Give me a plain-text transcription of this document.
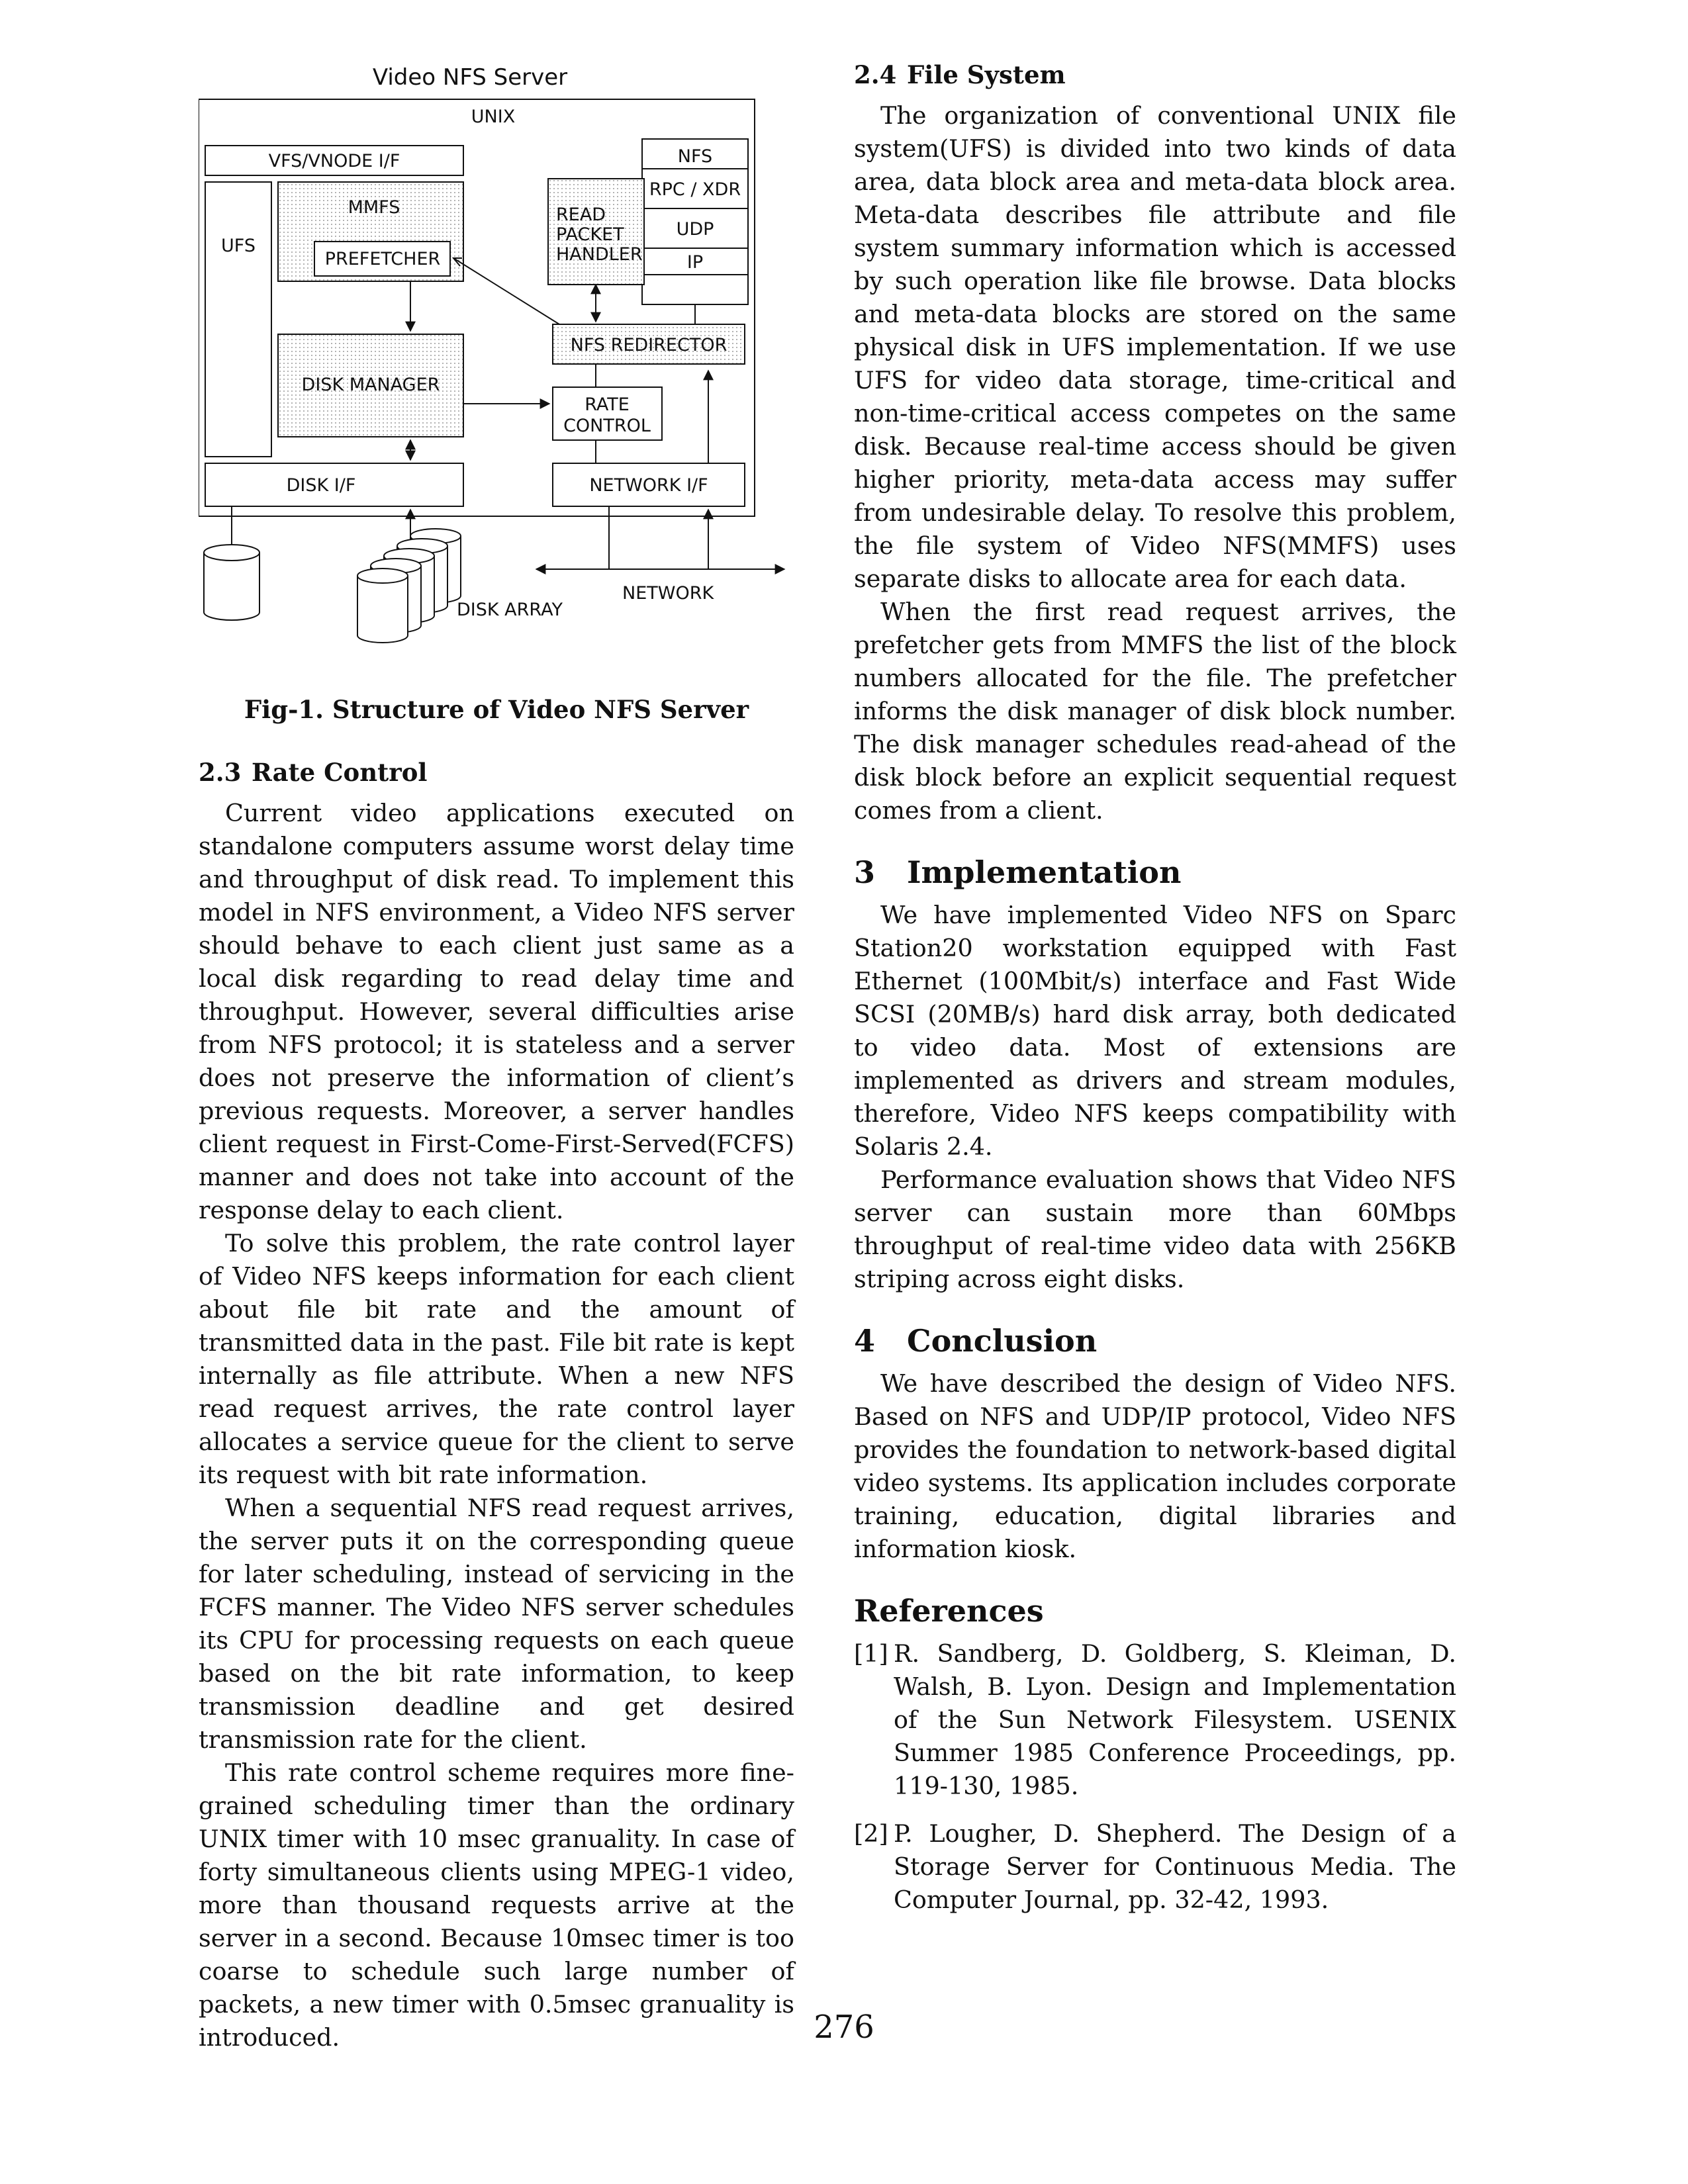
Video NFS Server
UNIX
VFS/VNODE I/F	NFS
RPC / XDR
UDP
IP
UFS
MMFS
PREFETCHER
READ
PACKET
HANDLER
NFS REDIRECTOR
DISK MANAGER
RATE
CONTROL
DISK I/F	NETWORK I/F
DISK ARRAY
NETWORK
Fig-1. Structure of Video NFS Server
2.3 Rate Control

Current video applications executed on standalone computers assume worst delay time and throughput of disk read. To implement this model in NFS environment, a Video NFS server should behave to each client just same as a local disk regarding to read delay time and throughput. However, several difficulties arise from NFS protocol; it is stateless and a server does not preserve the information of client’s previous requests. Moreover, a server handles client request in First-Come-First-Served(FCFS) manner and does not take into account of the response delay to each client.

To solve this problem, the rate control layer of Video NFS keeps information for each client about file bit rate and the amount of transmitted data in the past. File bit rate is kept internally as file attribute. When a new NFS read request arrives, the rate control layer allocates a service queue for the client to serve its request with bit rate information.

When a sequential NFS read request arrives, the server puts it on the corresponding queue for later scheduling, instead of servicing in the FCFS manner. The Video NFS server schedules its CPU for processing requests on each queue based on the bit rate information, to keep transmission deadline and get desired transmission rate for the client.

This rate control scheme requires more fine-grained scheduling timer than the ordinary UNIX timer with 10 msec granuality. In case of forty simultaneous clients using MPEG-1 video, more than thousand requests arrive at the server in a second. Because 10msec timer is too coarse to schedule such large number of packets, a new timer with 0.5msec granuality is introduced.

2.4 File System

The organization of conventional UNIX file system(UFS) is divided into two kinds of data area, data block area and meta-data block area. Meta-data describes file attribute and file system summary information which is accessed by such operation like file browse. Data blocks and meta-data blocks are stored on the same physical disk in UFS implementation. If we use UFS for video data storage, time-critical and non-time-critical access competes on the same disk. Because real-time access should be given higher priority, meta-data access may suffer from undesirable delay. To resolve this problem, the file system of Video NFS(MMFS) uses separate disks to allocate area for each data.

When the first read request arrives, the prefetcher gets from MMFS the list of the block numbers allocated for the file. The prefetcher informs the disk manager of disk block number. The disk manager schedules read-ahead of the disk block before an explicit sequential request comes from a client.

3 Implementation

We have implemented Video NFS on Sparc Station20 workstation equipped with Fast Ethernet (100Mbit/s) interface and Fast Wide SCSI (20MB/s) hard disk array, both dedicated to video data. Most of extensions are implemented as drivers and stream modules, therefore, Video NFS keeps compatibility with Solaris 2.4.

Performance evaluation shows that Video NFS server can sustain more than 60Mbps throughput of real-time video data with 256KB striping across eight disks.

4 Conclusion

We have described the design of Video NFS. Based on NFS and UDP/IP protocol, Video NFS provides the foundation to network-based digital video systems. Its application includes corporate training, education, digital libraries and information kiosk.

References
[1] R. Sandberg, D. Goldberg, S. Kleiman, D. Walsh, B. Lyon. Design and Implementation of the Sun Network Filesystem. USENIX Summer 1985 Conference Proceedings, pp. 119-130, 1985.
[2] P. Lougher, D. Shepherd. The Design of a Storage Server for Continuous Media. The Computer Journal, pp. 32-42, 1993.
276
